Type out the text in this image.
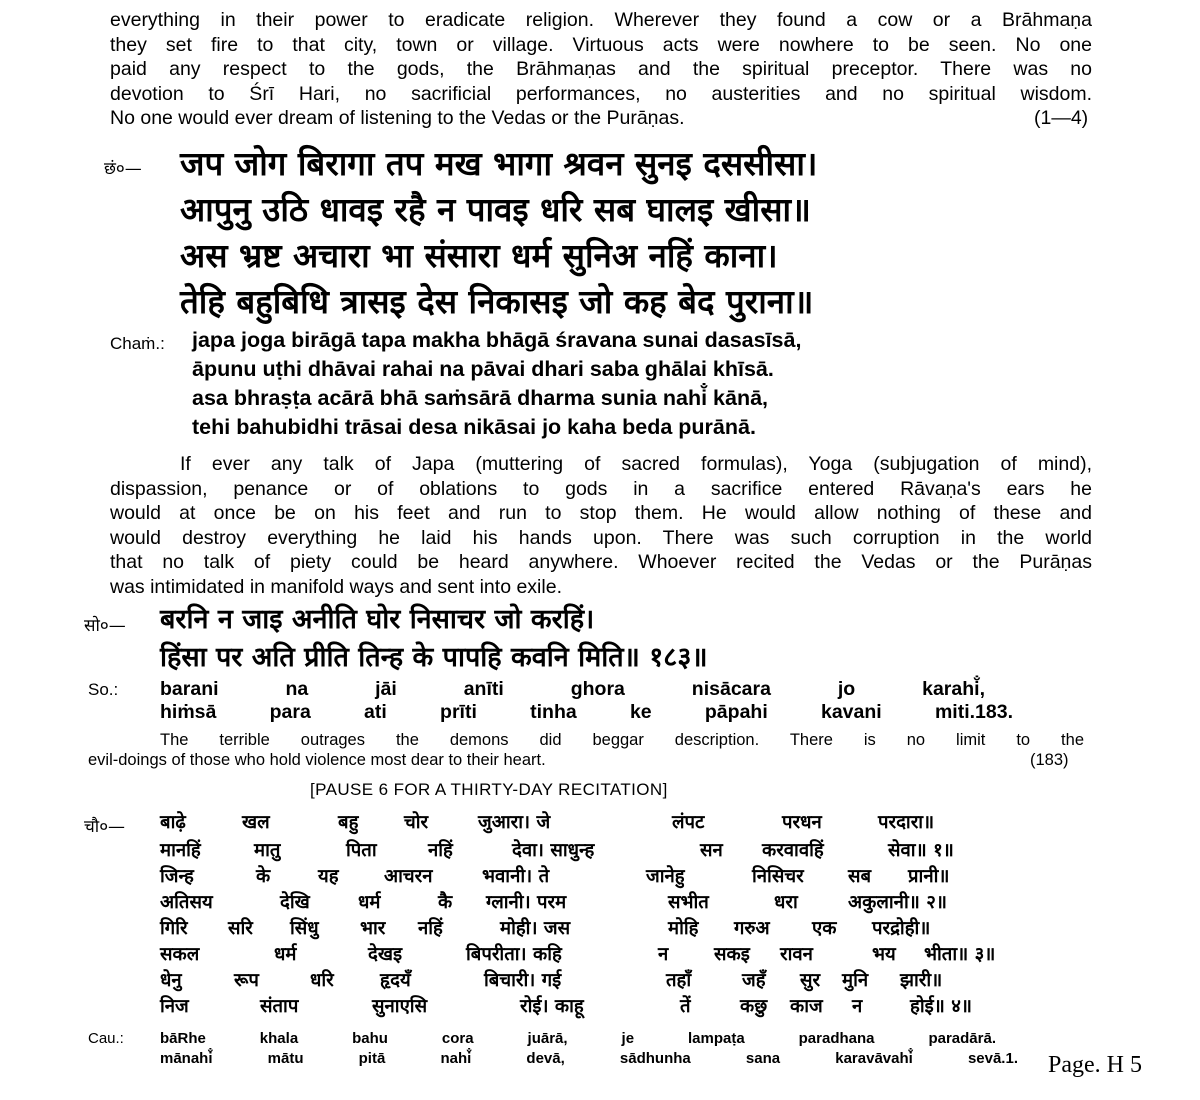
everything in their power to eradicate religion. Wherever they found a cow or a Brāhmaṇa
they set fire to that city, town or village. Virtuous acts were nowhere to be seen. No one
paid any respect to the gods, the Brāhmaṇas and the spiritual preceptor. There was no
devotion to Śrī Hari, no sacrificial performances, no austerities and no spiritual wisdom.
No one would ever dream of listening to the Vedas or the Purāṇas.	(1—4)
छं०— जप जोग बिरागा तप मख भागा श्रवन सुनइ दससीसा।
आपुनु उठि धावइ रहै न पावइ धरि सब घालइ खीसा॥
अस भ्रष्ट अचारा भा संसारा धर्म सुनिअ नहिं काना।
तेहि बहुबिधि त्रासइ देस निकासइ जो कह बेद पुराना॥
Chaṁ.: japa joga birāgā tapa makha bhāgā śravana sunai dasasīsā,
āpunu uṭhi dhāvai rahai na pāvai dhari saba ghālai khīsā.
asa bhraṣṭa acārā bhā saṁsārā dharma sunia nahi̐ kānā,
tehi bahubidhi trāsai desa nikāsai jo kaha beda purānā.
If ever any talk of Japa (muttering of sacred formulas), Yoga (subjugation of mind),
dispassion, penance or of oblations to gods in a sacrifice entered Rāvaṇa's ears he
would at once be on his feet and run to stop them. He would allow nothing of these and
would destroy everything he laid his hands upon. There was such corruption in the world
that no talk of piety could be heard anywhere. Whoever recited the Vedas or the Purāṇas
was intimidated in manifold ways and sent into exile.
सो०— बरनि न जाइ अनीति घोर निसाचर जो करहिं।
हिंसा पर अति प्रीति तिन्ह के पापहि कवनि मिति॥ १८३॥
So.: barani na jāi anīti ghora nisācara jo karahi̐,
hiṁsā para ati prīti tinha ke pāpahi kavani miti.183.
The terrible outrages the demons did beggar description. There is no limit to the
evil-doings of those who hold violence most dear to their heart.	(183)
[PAUSE 6 FOR A THIRTY-DAY RECITATION]
चौ०— बाढ़े	खल	बहु चोर	जुआरा। जे	लंपट	परधन	परदारा॥
मानहिं	मातु	पिता	नहिं	देवा। साधुन्ह	सन करवावहिं	सेवा॥ १॥
जिन्ह	के	यह आचरन	भवानी। ते	जानेहु	निसिचर सब प्रानी॥
अतिसय	देखि	धर्म	कै ग्लानी। परम	सभीत	धरा	अकुलानी॥ २॥
गिरि सरि सिंधु भार नहिं	मोही। जस	मोहि गरुअ एक परद्रोही॥
सकल	धर्म	देखइ	बिपरीता। कहि	न सकइ रावन	भय भीता॥ ३॥
धेनु	रूप	धरि	हृदयँ	बिचारी। गई	तहाँ	जहँ सुर मुनि झारी॥
निज	संताप	सुनाएसि	रोई। काहू	तें	कछु काज न	होई॥ ४॥
Cau.: bāRhe khala bahu cora juārā, je lampaṭa paradhana paradārā.
mānahi̐ mātu pitā nahi̐ devā, sādhunha sana karavāvahi̐ sevā.1. Page. H 5
